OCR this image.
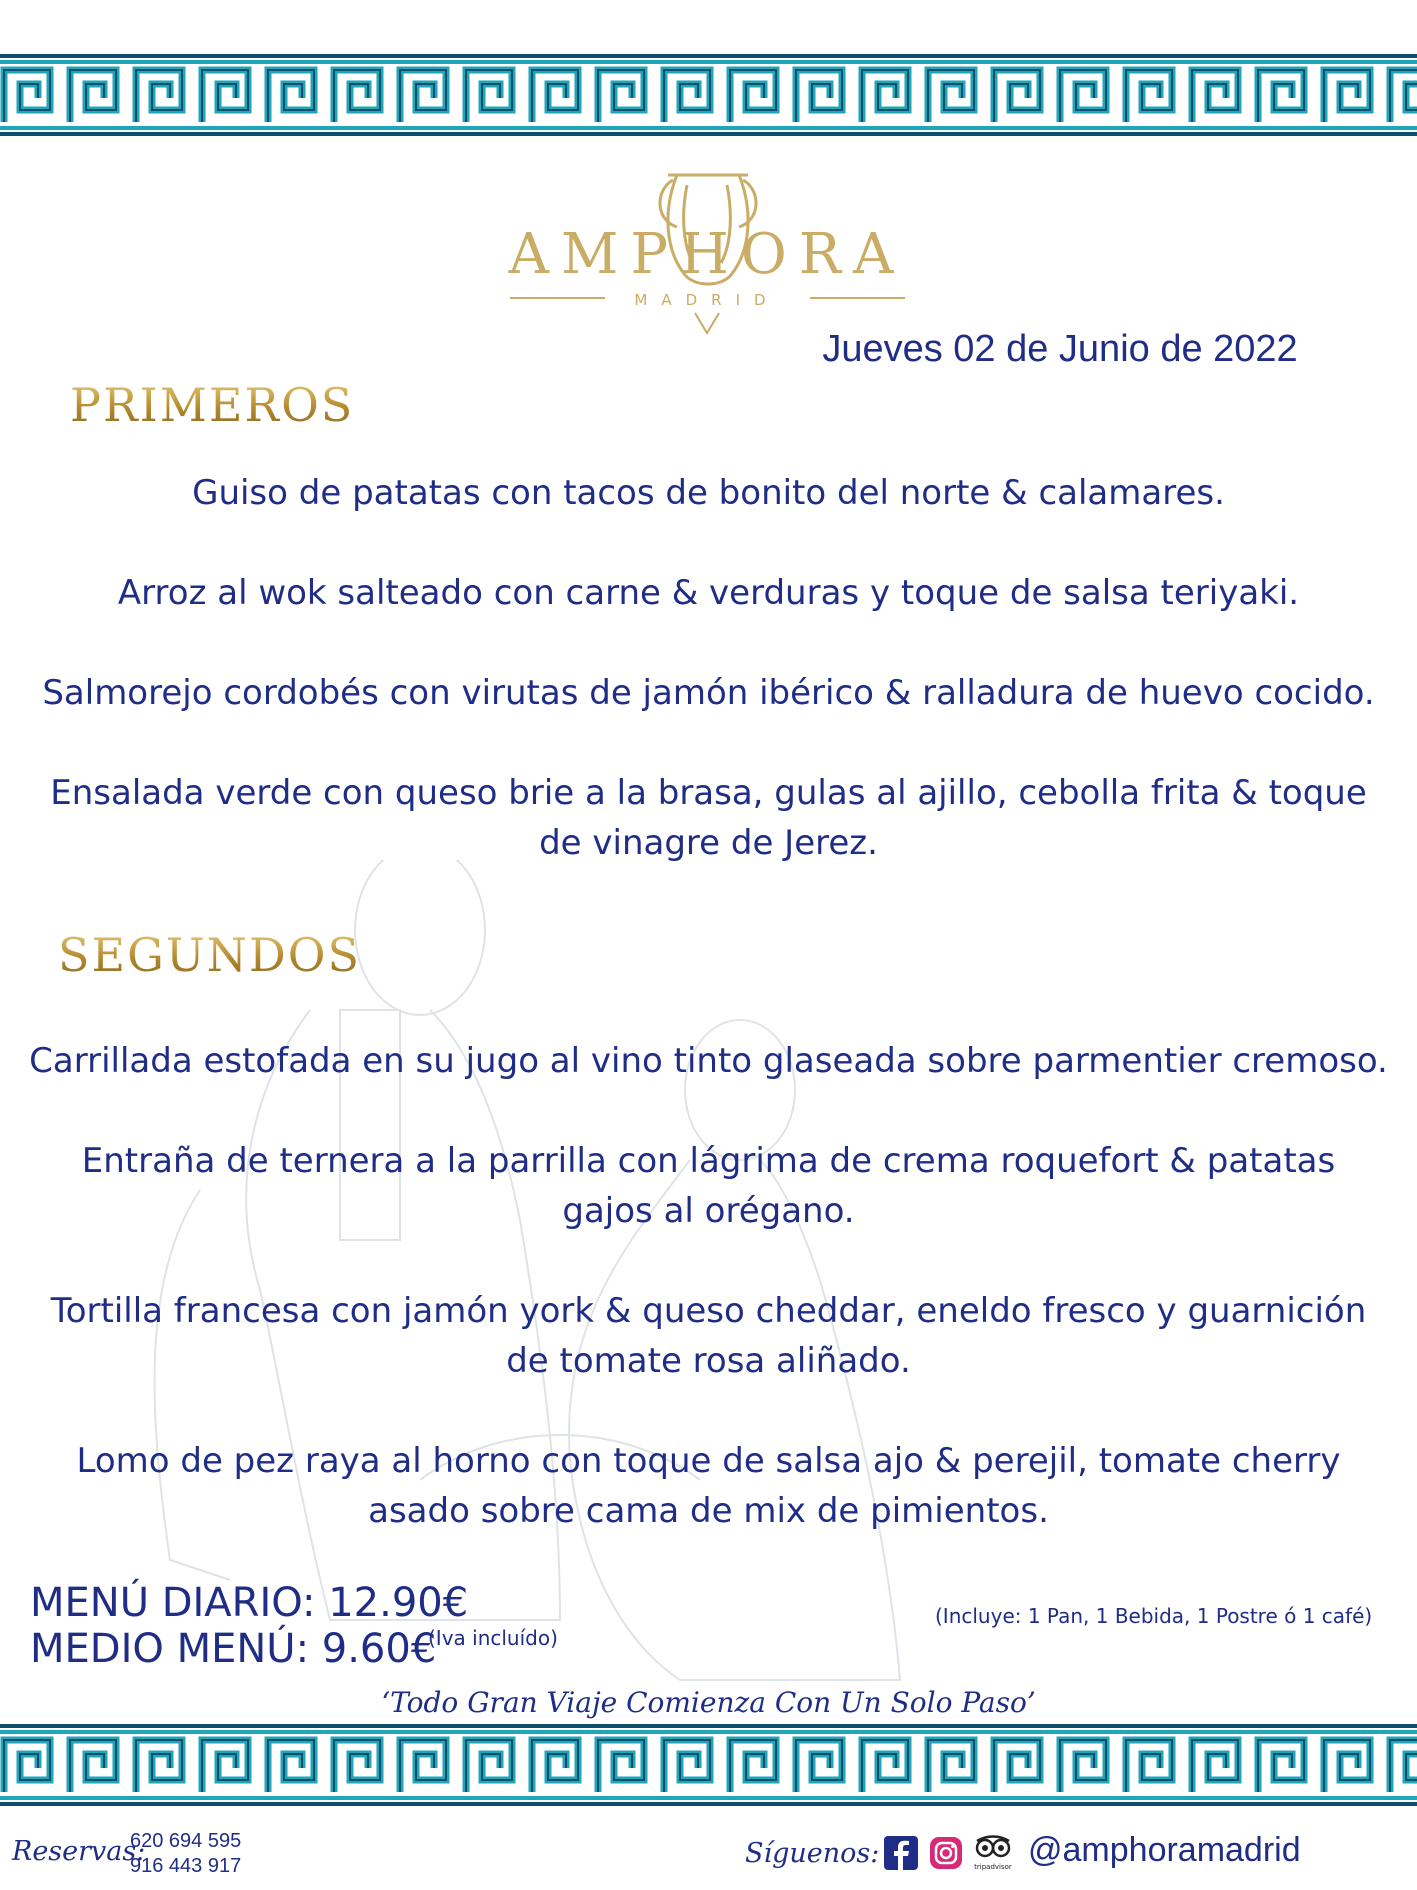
AMPHORA
MADRID
Jueves 02 de Junio de 2022
PRIMEROS
Guiso de patatas con tacos de bonito del norte & calamares.
Arroz al wok salteado con carne & verduras y toque de salsa teriyaki.
Salmorejo cordobés con virutas de jamón ibérico & ralladura de huevo cocido.
Ensalada verde con queso brie a la brasa, gulas al ajillo, cebolla frita & toque
de vinagre de Jerez.
SEGUNDOS
Carrillada estofada en su jugo al vino tinto glaseada sobre parmentier cremoso.
Entraña de ternera a la parrilla con lágrima de crema roquefort & patatas
gajos al orégano.
Tortilla francesa con jamón york & queso cheddar, eneldo fresco y guarnición
de tomate rosa aliñado.
Lomo de pez raya al horno con toque de salsa ajo & perejil, tomate cherry
asado sobre cama de mix de pimientos.
MENÚ DIARIO: 12.90€
MEDIO MENÚ: 9.60€
(Iva incluído)
(Incluye: 1 Pan, 1 Bebida, 1 Postre ó 1 café)
‘Todo Gran Viaje Comienza Con Un Solo Paso’
Reservas:
620 694 595
916 443 917	Síguenos:	tripadvisor @amphoramadrid
